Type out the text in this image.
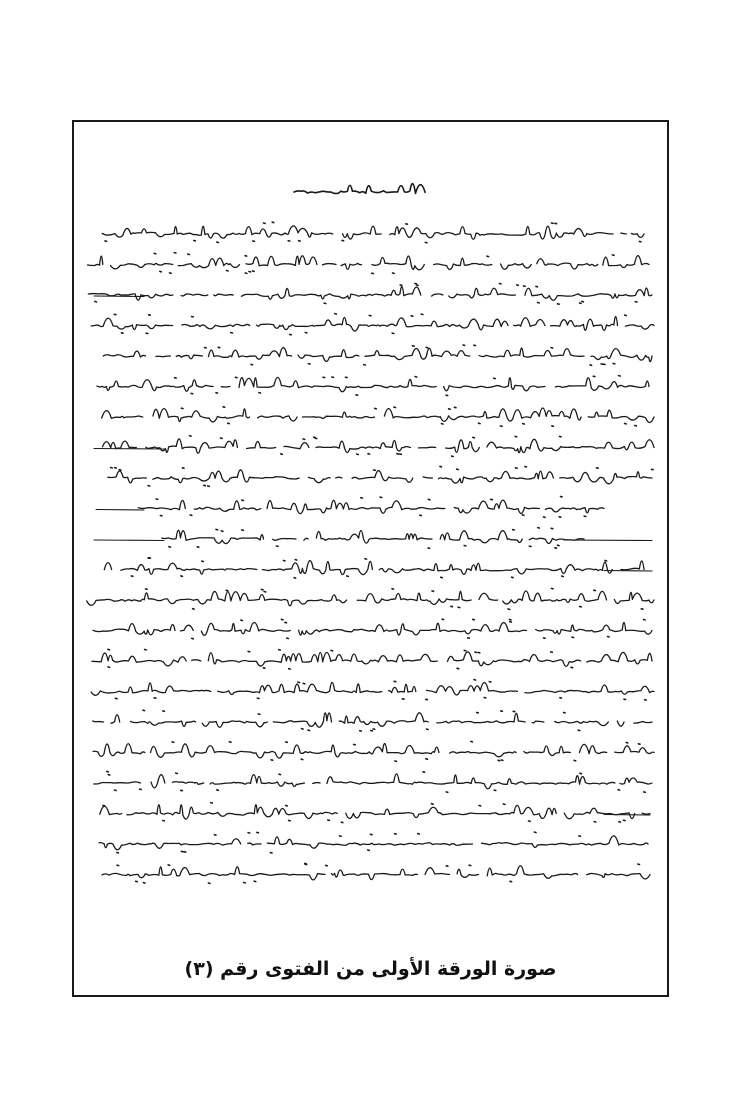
صورة الورقة الأولى من الفتوى رقم (٣)
